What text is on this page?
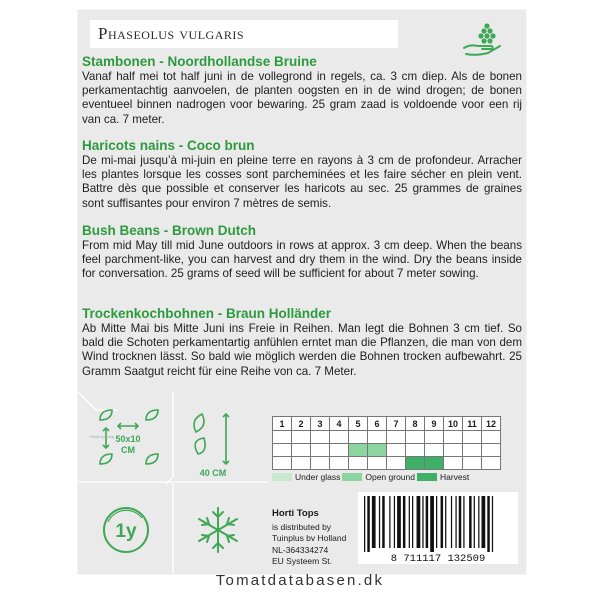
Phaseolus vulgaris
Stambonen - Noordhollandse Bruine

Vanaf half mei tot half juni in de vollegrond in regels, ca. 3 cm diep. Als de bonen perkamentachtig aanvoelen, de planten oogsten en in de wind drogen; de bonen eventueel binnen nadrogen voor bewaring. 25 gram zaad is voldoende voor een rij van ca. 7 meter.

Haricots nains - Coco brun

De mi-mai jusqu’à mi-juin en pleine terre en rayons à 3 cm de profondeur. Arracher les plantes lorsque les cosses sont parcheminées et les faire sécher en plein vent. Battre dès que possible et conserver les haricots au sec. 25 grammes de graines sont suffisantes pour environ 7 mètres de semis.

Bush Beans - Brown Dutch

From mid May till mid June outdoors in rows at approx. 3 cm deep. When the beans feel parchment-like, you can harvest and dry them in the wind. Dry the beans inside for conversation. 25 grams of seed will be sufficient for about 7 meter sowing.

Trockenkochbohnen - Braun Holländer

Ab Mitte Mai bis Mitte Juni ins Freie in Reihen. Man legt die Bohnen 3 cm tief. So bald die Schoten perkamentartig anfühlen erntet man die Pflanzen, die man von dem Wind trocknen lässt. So bald wie möglich werden die Bohnen trocken aufbewahrt. 25 Gramm Saatgut reicht für eine Reihe von ca. 7 Meter.

Plant spacing 50x10
CM
40 CM
1y
1	2	3	4	5	6	7	8	9	10	11	12

Under glass	Open ground	Harvest
Horti Tops
is distributed by
Tuinplus bv Holland
NL-364334274
EU Systeem St.	8 711117 132509
Tomatdatabasen.dk
